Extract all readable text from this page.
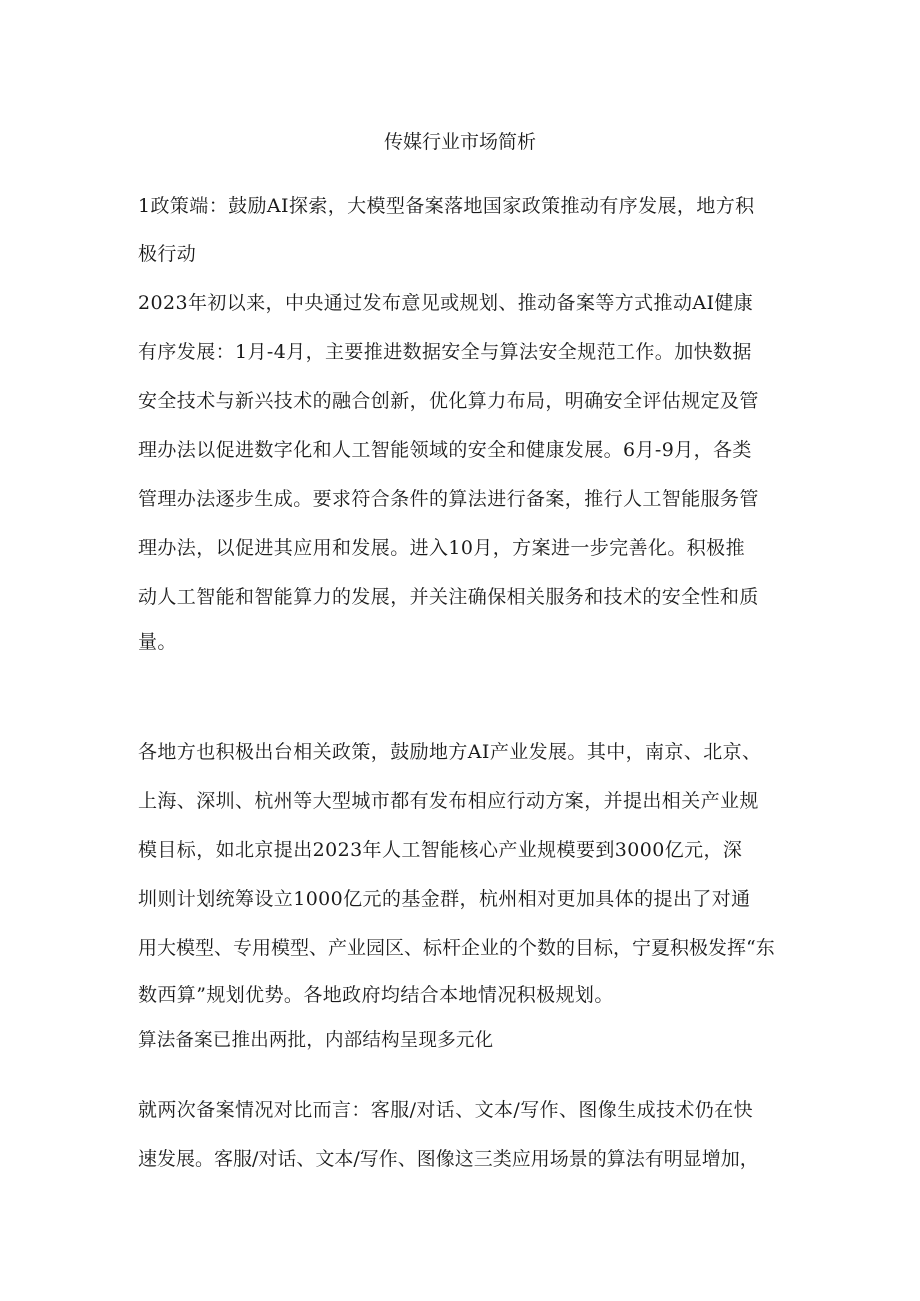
传媒行业市场简析
1政策端：鼓励AI探索，大模型备案落地国家政策推动有序发展，地方积
极行动
2023年初以来，中央通过发布意见或规划、推动备案等方式推动AI健康
有序发展：1月-4月，主要推进数据安全与算法安全规范工作。加快数据
安全技术与新兴技术的融合创新，优化算力布局，明确安全评估规定及管
理办法以促进数字化和人工智能领域的安全和健康发展。6月-9月，各类
管理办法逐步生成。要求符合条件的算法进行备案，推行人工智能服务管
理办法，以促进其应用和发展。进入10月，方案进一步完善化。积极推
动人工智能和智能算力的发展，并关注确保相关服务和技术的安全性和质
量。
各地方也积极出台相关政策，鼓励地方AI产业发展。其中，南京、北京、
上海、深圳、杭州等大型城市都有发布相应行动方案，并提出相关产业规
模目标，如北京提出2023年人工智能核心产业规模要到3000亿元，深
圳则计划统筹设立1000亿元的基金群，杭州相对更加具体的提出了对通
用大模型、专用模型、产业园区、标杆企业的个数的目标，宁夏积极发挥“东
数西算”规划优势。各地政府均结合本地情况积极规划。
算法备案已推出两批，内部结构呈现多元化
就两次备案情况对比而言：客服/对话、文本/写作、图像生成技术仍在快
速发展。客服/对话、文本/写作、图像这三类应用场景的算法有明显增加，
